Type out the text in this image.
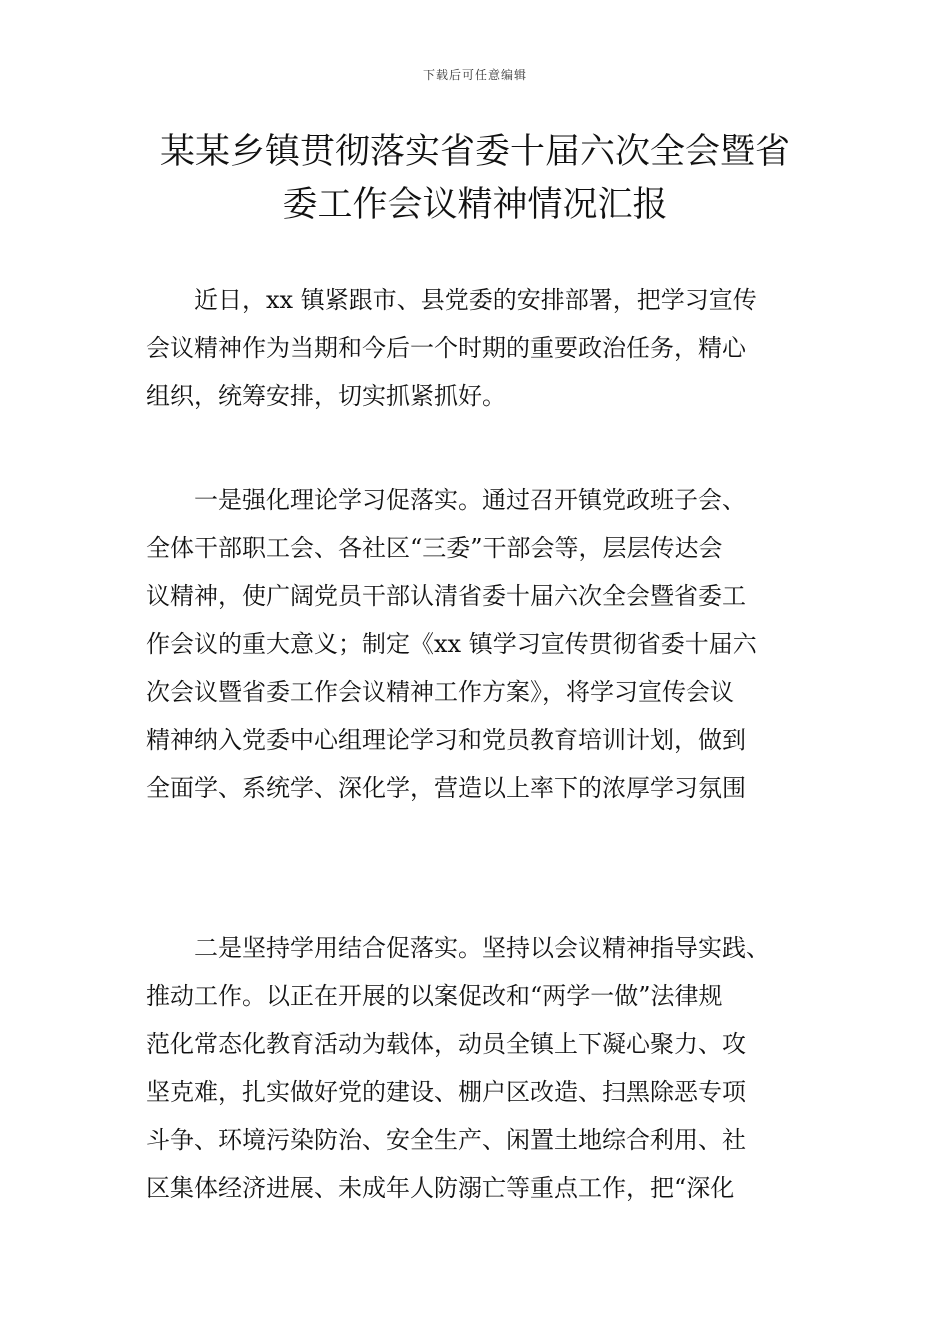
下载后可任意编辑
某某乡镇贯彻落实省委十届六次全会暨省
委工作会议精神情况汇报

　　近日，xx 镇紧跟市、县党委的安排部署，把学习宣传
会议精神作为当期和今后一个时期的重要政治任务，精心
组织，统筹安排，切实抓紧抓好。

　　一是强化理论学习促落实。通过召开镇党政班子会、
全体干部职工会、各社区“三委”干部会等，层层传达会
议精神，使广阔党员干部认清省委十届六次全会暨省委工
作会议的重大意义；制定《xx 镇学习宣传贯彻省委十届六
次会议暨省委工作会议精神工作方案》，将学习宣传会议
精神纳入党委中心组理论学习和党员教育培训计划，做到
全面学、系统学、深化学，营造以上率下的浓厚学习氛围

　　二是坚持学用结合促落实。坚持以会议精神指导实践、
推动工作。以正在开展的以案促改和“两学一做”法律规
范化常态化教育活动为载体，动员全镇上下凝心聚力、攻
坚克难，扎实做好党的建设、棚户区改造、扫黑除恶专项
斗争、环境污染防治、安全生产、闲置土地综合利用、社
区集体经济进展、未成年人防溺亡等重点工作，把“深化
